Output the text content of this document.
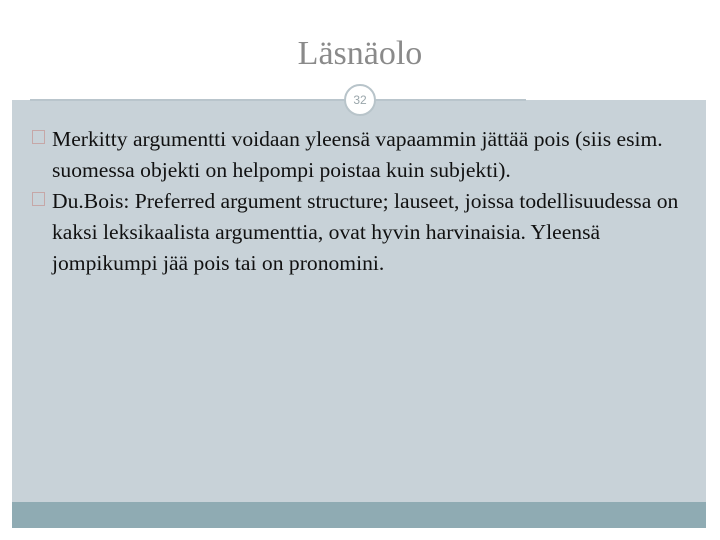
Läsnäolo
32
Merkitty argumentti voidaan yleensä vapaammin jättää pois (siis esim. suomessa objekti on helpompi poistaa kuin subjekti).
Du.Bois: Preferred argument structure; lauseet, joissa todellisuudessa on kaksi leksikaalista argumenttia, ovat hyvin harvinaisia. Yleensä jompikumpi jää pois tai on pronomini.
